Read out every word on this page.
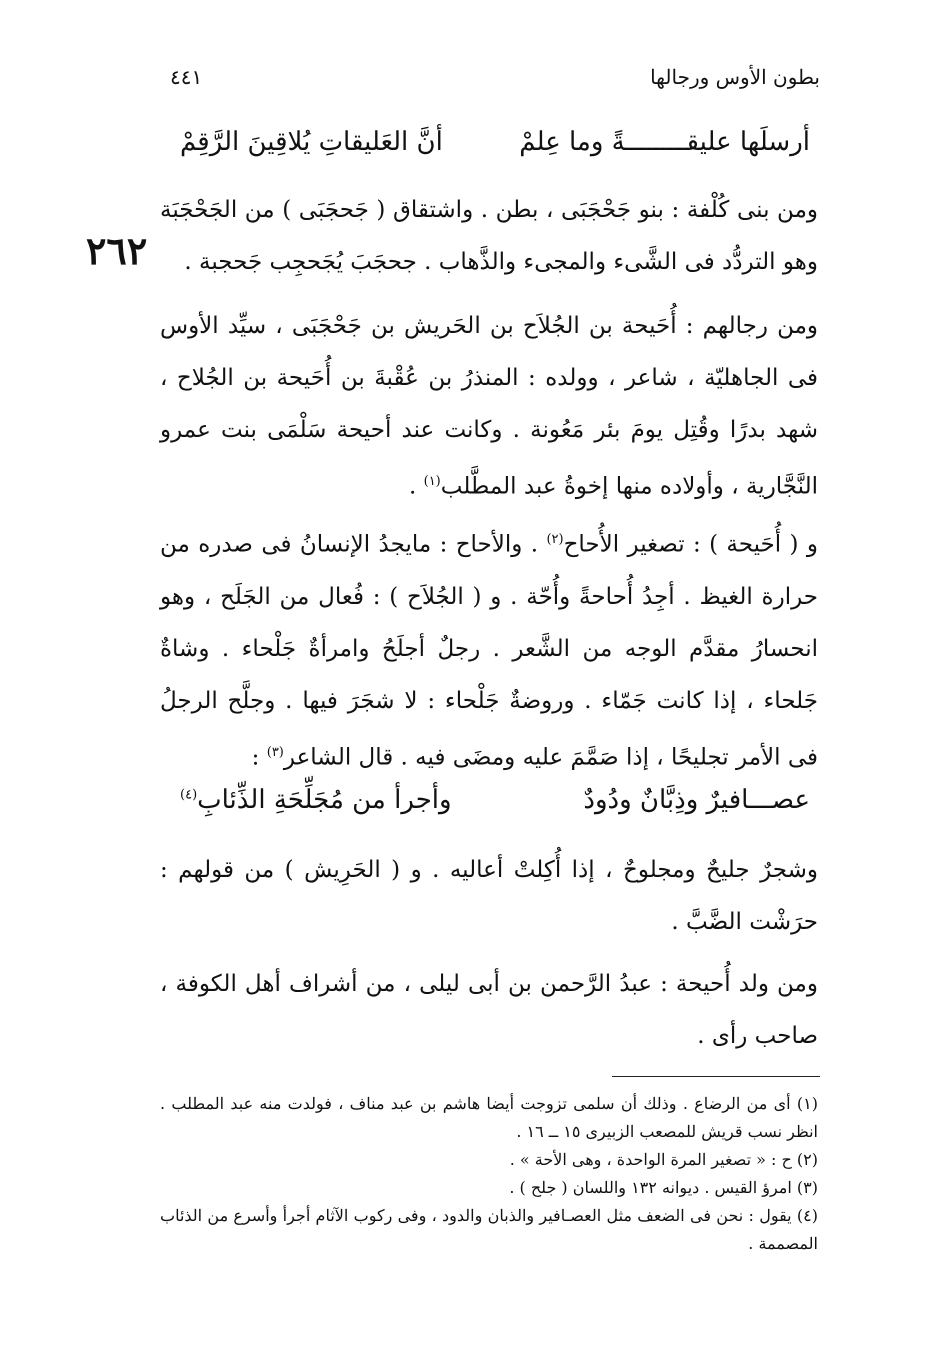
بطون الأوس ورجالها
٤٤١
٢٦٢
أرسلَها عليقــــــــةً وما عِلمْ
أنَّ العَليقاتِ يُلاقِينَ الرَّقِمْ

ومن بنى كُلْفة : بنو جَحْجَبَى ، بطن . واشتقاق ( جَحجَبَى ) من الجَحْجَبَة وهو التردُّد فى الشَّىء والمجىء والذَّهاب . جحجَبَ يُجَحجِب جَحجبة .

ومن رجالهم : أُحَيحة بن الجُلاَح بن الحَريش بن جَحْجَبَى ، سيِّد الأوس فى الجاهليّة ، شاعر ، وولده : المنذرُ بن عُقْبةَ بن أُحَيحة بن الجُلاح ، شهد بدرًا وقُتِل يومَ بئر مَعُونة . وكانت عند أحيحة سَلْمَى بنت عمرو النَّجَّارية ، وأولاده منها إخوةُ عبد المطَّلب$^{(١)}$ .

و ( أُحَيحة ) : تصغير الأُحاح$^{(٢)}$ . والأحاح : مايجدُ الإنسانُ فى صدره من حرارة الغيظ . أجِدُ أُحاحةً وأُحّة . و ( الجُلاَح ) : فُعال من الجَلَح ، وهو انحسارُ مقدَّم الوجه من الشَّعر . رجلٌ أجلَحُ وامرأةٌ جَلْحاء . وشاةٌ جَلحاء ، إذا كانت جَمّاء . وروضةٌ جَلْحاء : لا شجَرَ فيها . وجلَّح الرجلُ فى الأمر تجليحًا ، إذا صَمَّمَ عليه ومضَى فيه . قال الشاعر$^{(٣)}$ :

عصـــافيرٌ وذِبَّانٌ ودُودٌ
وأجرأ من مُجَلِّحَةِ الذِّئابِ$^{(٤)}$

وشجرٌ جليحٌ ومجلوحٌ ، إذا أُكِلتْ أعاليه . و ( الحَرِيش ) من قولهم : حرَشْت الضَّبَّ .

ومن ولد أُحيحة : عبدُ الرَّحمن بن أبى ليلى ، من أشراف أهل الكوفة ، صاحب رأى .

(١) أى من الرضاع . وذلك أن سلمى تزوجت أيضا هاشم بن عبد مناف ، فولدت منه عبد المطلب . انظر نسب قريش للمصعب الزبيرى ١٥ ــ ١٦ .

(٢) ح : « تصغير المرة الواحدة ، وهى الأحة » .

(٣) امرؤ القيس . ديوانه ١٣٢ واللسان ( جلح ) .

(٤) يقول : نحن فى الضعف مثل العصـافير والذبان والدود ، وفى ركوب الآثام أجرأ وأسرع من الذئاب المصممة .
